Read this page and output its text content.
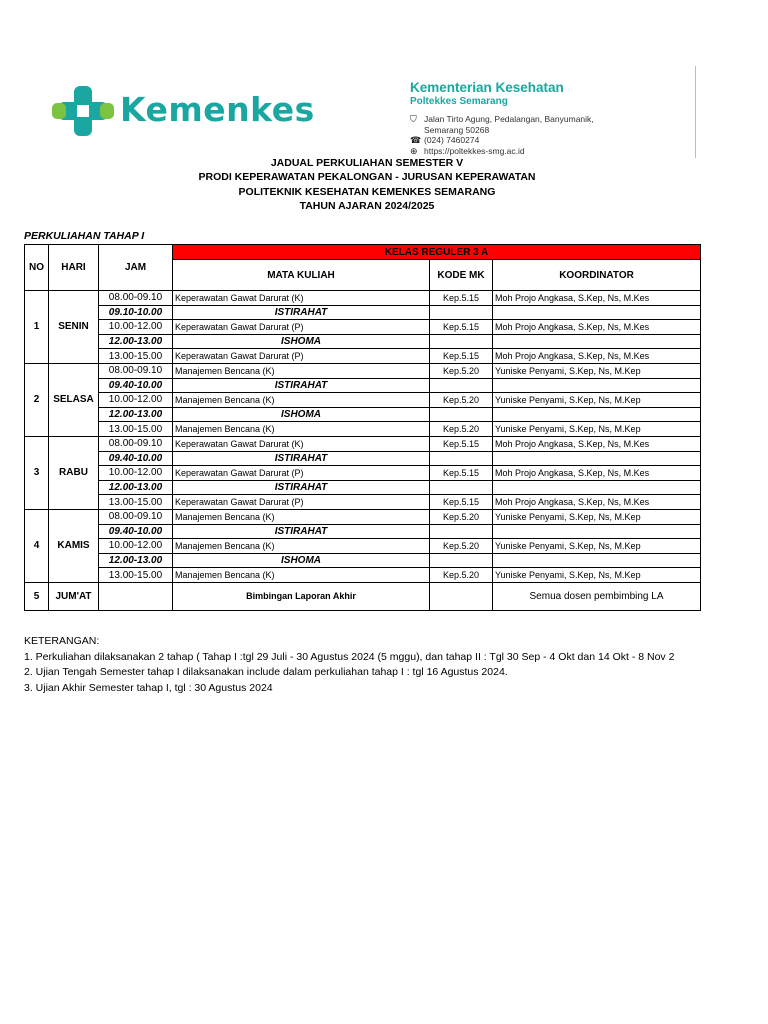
Kemenkes
Kementerian Kesehatan
Poltekkes Semarang
⛉ Jalan Tirto Agung, Pedalangan, Banyumanik,
Semarang 50268
☎ (024) 7460274
⊕ https://poltekkes-smg.ac.id
JADUAL PERKULIAHAN SEMESTER V
PRODI KEPERAWATAN PEKALONGAN - JURUSAN KEPERAWATAN
POLITEKNIK KESEHATAN KEMENKES SEMARANG
TAHUN AJARAN 2024/2025
PERKULIAHAN TAHAP I
NO	HARI	JAM	KELAS REGULER 3 A		
			MATA KULIAH	KODE MK	KOORDINATOR
1	SENIN	08.00-09.10	Keperawatan Gawat Darurat (K)	Kep.5.15	Moh Projo Angkasa, S.Kep, Ns, M.Kes
		09.10-10.00	ISTIRAHAT		
		10.00-12.00	Keperawatan Gawat Darurat (P)	Kep.5.15	Moh Projo Angkasa, S.Kep, Ns, M.Kes
		12.00-13.00	ISHOMA		
		13.00-15.00	Keperawatan Gawat Darurat (P)	Kep.5.15	Moh Projo Angkasa, S.Kep, Ns, M.Kes
2	SELASA	08.00-09.10	Manajemen Bencana (K)	Kep.5.20	Yuniske Penyami, S.Kep, Ns, M.Kep
		09.40-10.00	ISTIRAHAT		
		10.00-12.00	Manajemen Bencana (K)	Kep.5.20	Yuniske Penyami, S.Kep, Ns, M.Kep
		12.00-13.00	ISHOMA		
		13.00-15.00	Manajemen Bencana (K)	Kep.5.20	Yuniske Penyami, S.Kep, Ns, M.Kep
3	RABU	08.00-09.10	Keperawatan Gawat Darurat (K)	Kep.5.15	Moh Projo Angkasa, S.Kep, Ns, M.Kes
		09.40-10.00	ISTIRAHAT		
		10.00-12.00	Keperawatan Gawat Darurat (P)	Kep.5.15	Moh Projo Angkasa, S.Kep, Ns, M.Kes
		12.00-13.00	ISTIRAHAT		
		13.00-15.00	Keperawatan Gawat Darurat (P)	Kep.5.15	Moh Projo Angkasa, S.Kep, Ns, M.Kes
4	KAMIS	08.00-09.10	Manajemen Bencana (K)	Kep.5.20	Yuniske Penyami, S.Kep, Ns, M.Kep
		09.40-10.00	ISTIRAHAT		
		10.00-12.00	Manajemen Bencana (K)	Kep.5.20	Yuniske Penyami, S.Kep, Ns, M.Kep
		12.00-13.00	ISHOMA		
		13.00-15.00	Manajemen Bencana (K)	Kep.5.20	Yuniske Penyami, S.Kep, Ns, M.Kep
5	JUM'AT		Bimbingan Laporan Akhir		Semua dosen pembimbing LA
KETERANGAN:
1. Perkuliahan dilaksanakan 2 tahap ( Tahap I :tgl 29 Juli - 30 Agustus 2024 (5 mggu), dan tahap II : Tgl 30 Sep - 4 Okt dan 14 Okt - 8 Nov 2
2. Ujian Tengah Semester tahap I dilaksanakan include dalam perkuliahan tahap I : tgl 16 Agustus 2024.
3. Ujian Akhir Semester tahap I, tgl : 30 Agustus 2024
